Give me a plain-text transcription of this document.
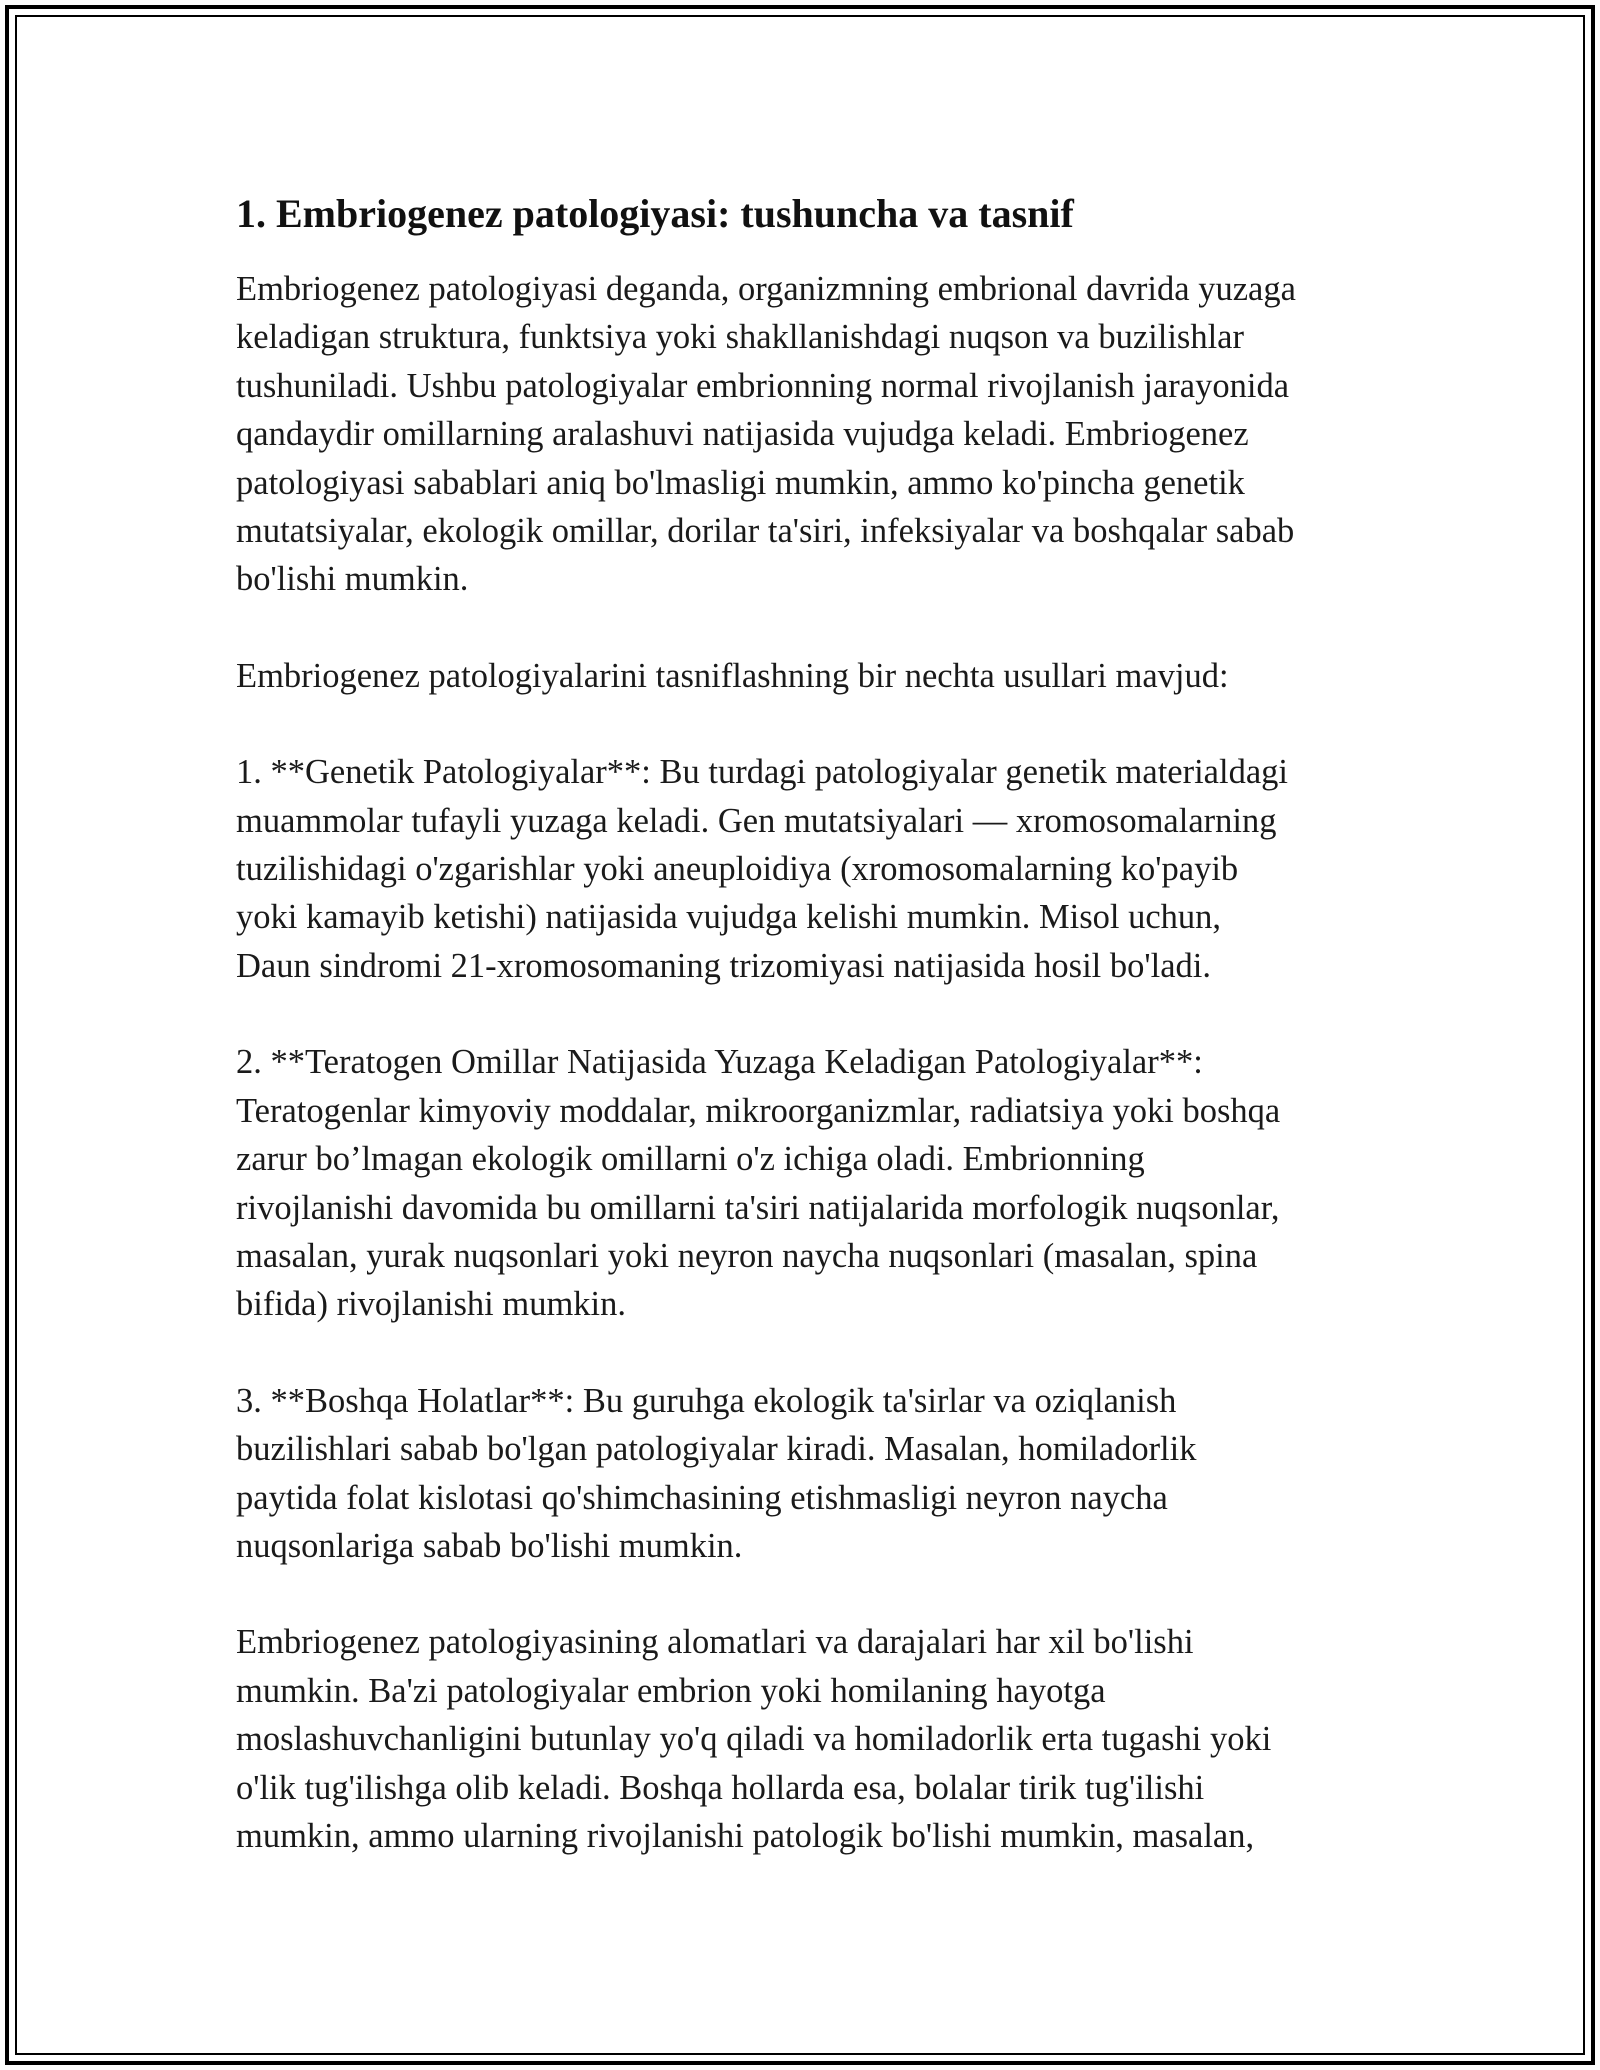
1. Embriogenez patologiyasi: tushuncha va tasnif

Embriogenez patologiyasi deganda, organizmning embrional davrida yuzaga
keladigan struktura, funktsiya yoki shakllanishdagi nuqson va buzilishlar
tushuniladi. Ushbu patologiyalar embrionning normal rivojlanish jarayonida
qandaydir omillarning aralashuvi natijasida vujudga keladi. Embriogenez
patologiyasi sabablari aniq bo'lmasligi mumkin, ammo ko'pincha genetik
mutatsiyalar, ekologik omillar, dorilar ta'siri, infeksiyalar va boshqalar sabab
bo'lishi mumkin.

Embriogenez patologiyalarini tasniflashning bir nechta usullari mavjud:

1. **Genetik Patologiyalar**: Bu turdagi patologiyalar genetik materialdagi
muammolar tufayli yuzaga keladi. Gen mutatsiyalari — xromosomalarning
tuzilishidagi o'zgarishlar yoki aneuploidiya (xromosomalarning ko'payib
yoki kamayib ketishi) natijasida vujudga kelishi mumkin. Misol uchun,
Daun sindromi 21-xromosomaning trizomiyasi natijasida hosil bo'ladi.

2. **Teratogen Omillar Natijasida Yuzaga Keladigan Patologiyalar**:
Teratogenlar kimyoviy moddalar, mikroorganizmlar, radiatsiya yoki boshqa
zarur bo’lmagan ekologik omillarni o'z ichiga oladi. Embrionning
rivojlanishi davomida bu omillarni ta'siri natijalarida morfologik nuqsonlar,
masalan, yurak nuqsonlari yoki neyron naycha nuqsonlari (masalan, spina
bifida) rivojlanishi mumkin.

3. **Boshqa Holatlar**: Bu guruhga ekologik ta'sirlar va oziqlanish
buzilishlari sabab bo'lgan patologiyalar kiradi. Masalan, homiladorlik
paytida folat kislotasi qo'shimchasining etishmasligi neyron naycha
nuqsonlariga sabab bo'lishi mumkin.

Embriogenez patologiyasining alomatlari va darajalari har xil bo'lishi
mumkin. Ba'zi patologiyalar embrion yoki homilaning hayotga
moslashuvchanligini butunlay yo'q qiladi va homiladorlik erta tugashi yoki
o'lik tug'ilishga olib keladi. Boshqa hollarda esa, bolalar tirik tug'ilishi
mumkin, ammo ularning rivojlanishi patologik bo'lishi mumkin, masalan,
